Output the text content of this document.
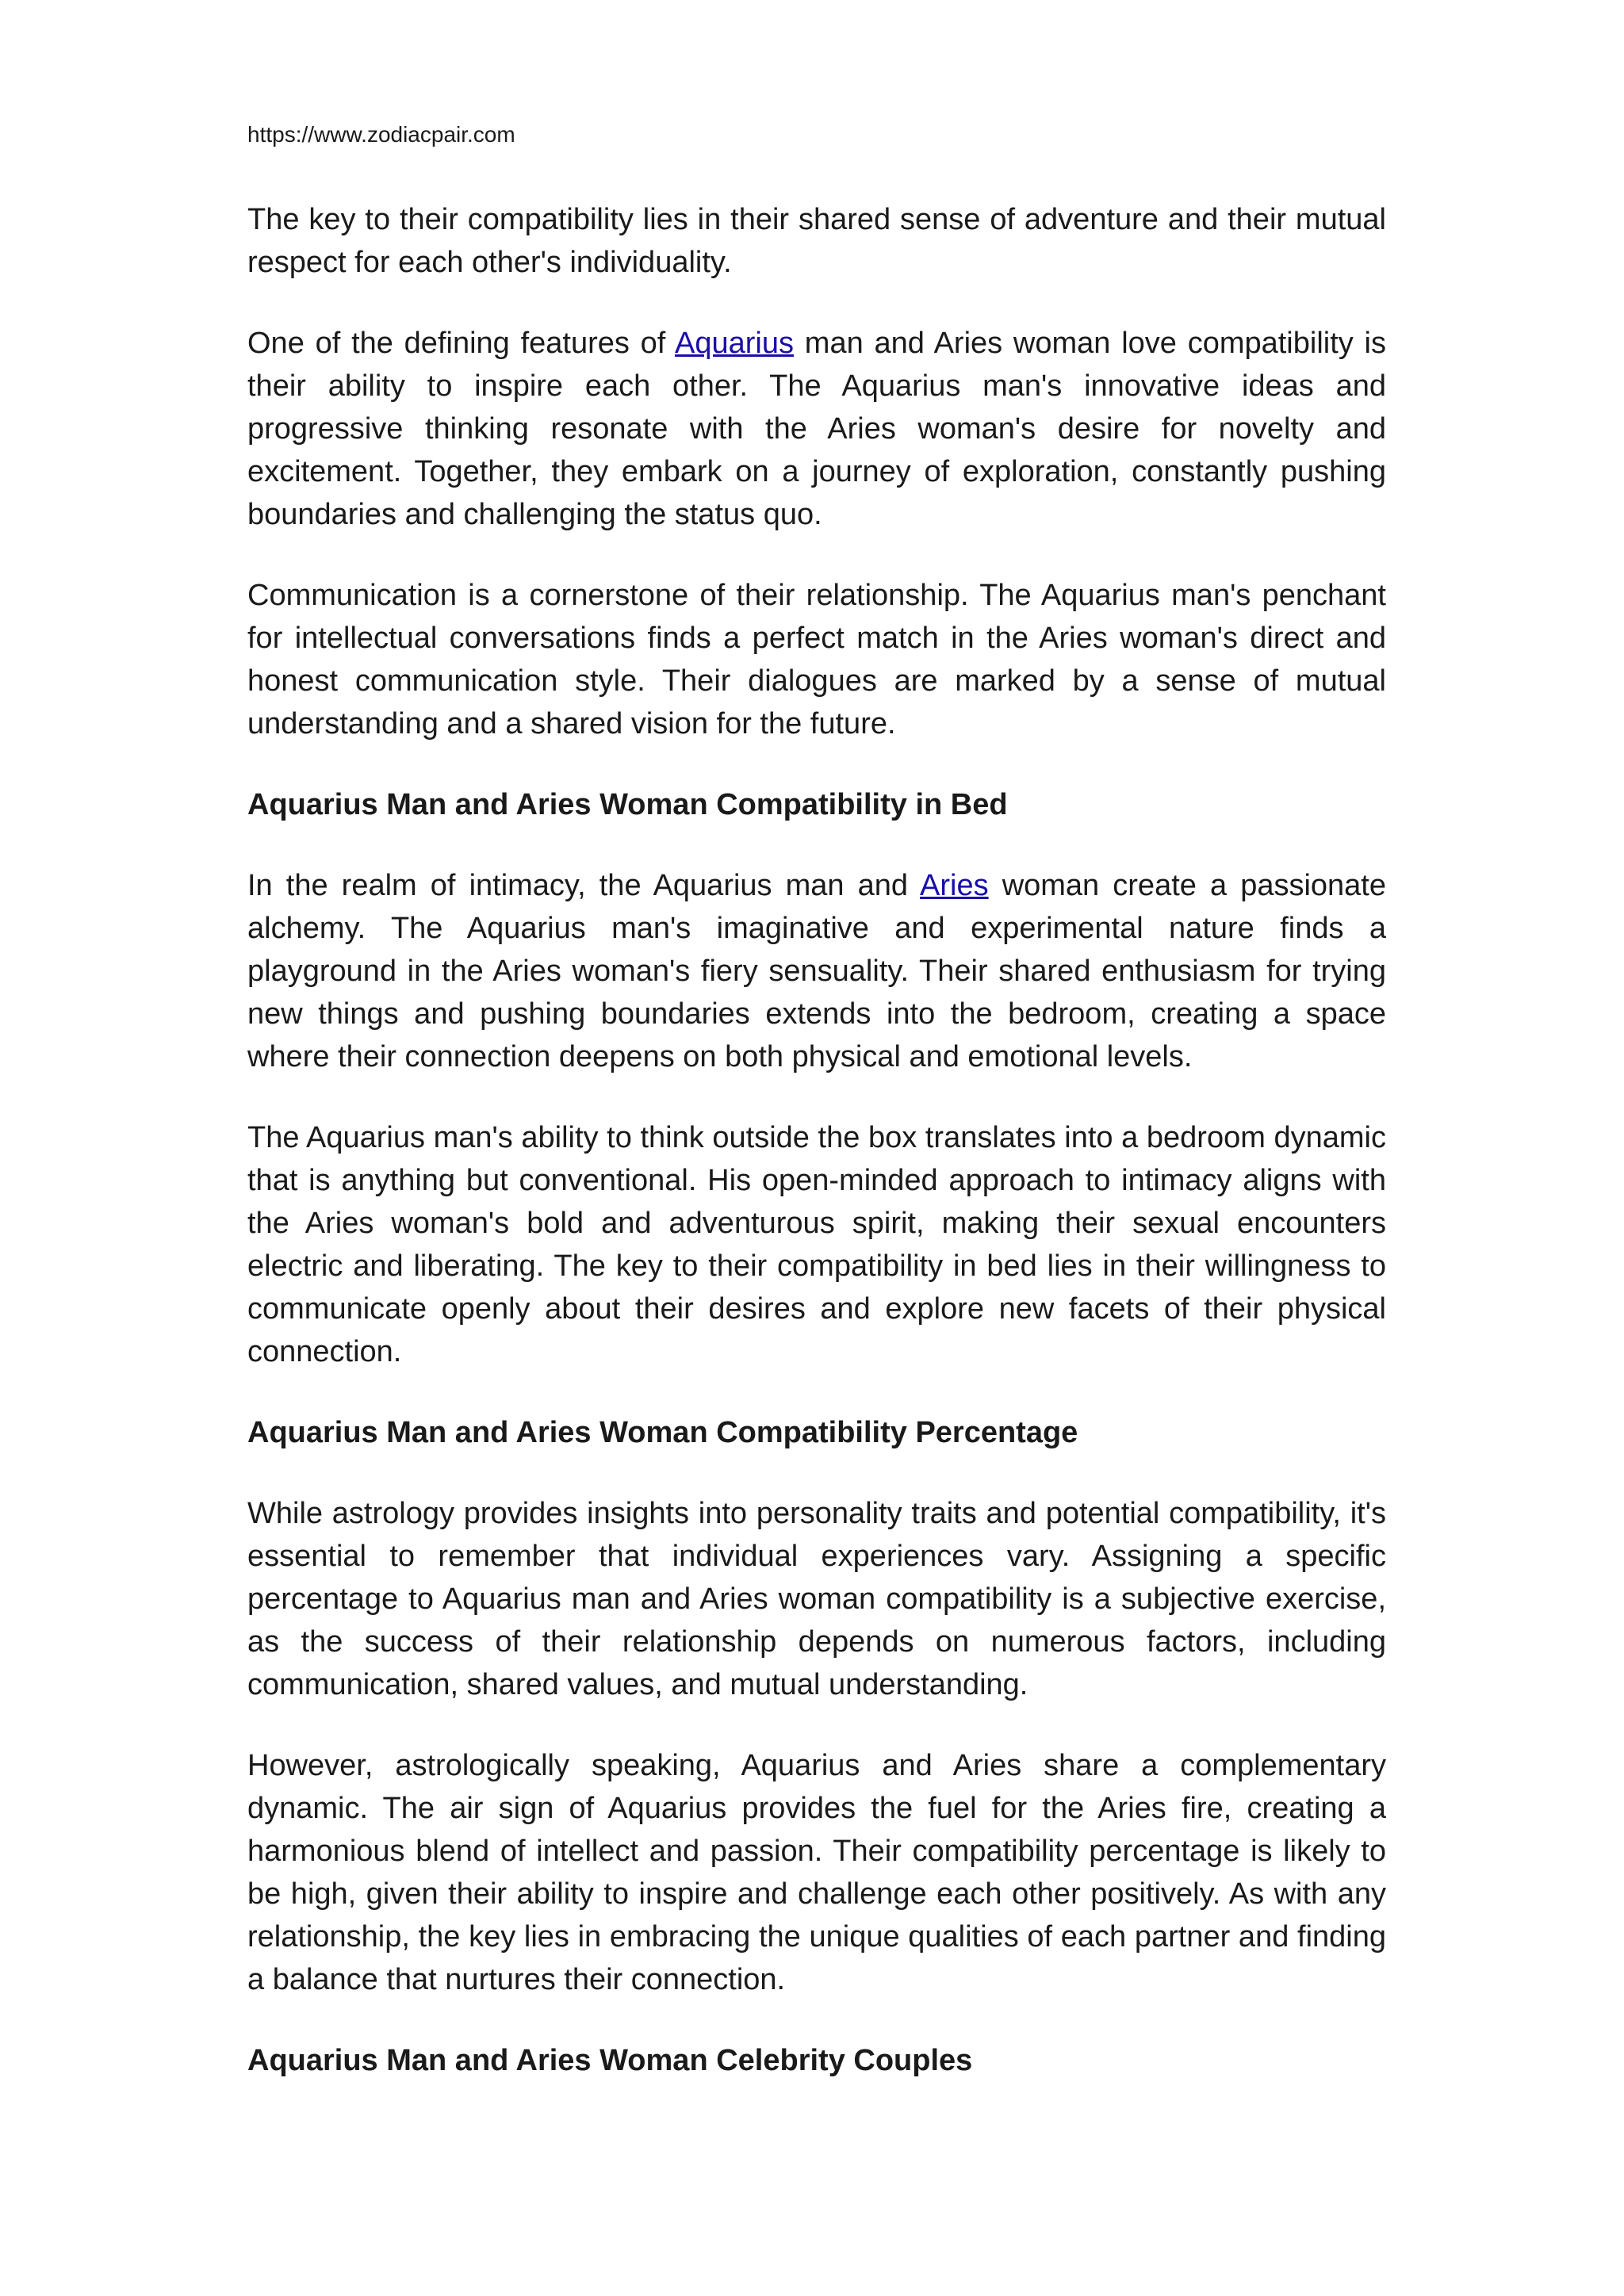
https://www.zodiacpair.com

The key to their compatibility lies in their shared sense of adventure and their mutual respect for each other's individuality.

One of the defining features of Aquarius man and Aries woman love compatibility is their ability to inspire each other. The Aquarius man's innovative ideas and progressive thinking resonate with the Aries woman's desire for novelty and excitement. Together, they embark on a journey of exploration, constantly pushing boundaries and challenging the status quo.

Communication is a cornerstone of their relationship. The Aquarius man's penchant for intellectual conversations finds a perfect match in the Aries woman's direct and honest communication style. Their dialogues are marked by a sense of mutual understanding and a shared vision for the future.

Aquarius Man and Aries Woman Compatibility in Bed

In the realm of intimacy, the Aquarius man and Aries woman create a passionate alchemy. The Aquarius man's imaginative and experimental nature finds a playground in the Aries woman's fiery sensuality. Their shared enthusiasm for trying new things and pushing boundaries extends into the bedroom, creating a space where their connection deepens on both physical and emotional levels.

The Aquarius man's ability to think outside the box translates into a bedroom dynamic that is anything but conventional. His open-minded approach to intimacy aligns with the Aries woman's bold and adventurous spirit, making their sexual encounters electric and liberating. The key to their compatibility in bed lies in their willingness to communicate openly about their desires and explore new facets of their physical connection.

Aquarius Man and Aries Woman Compatibility Percentage

While astrology provides insights into personality traits and potential compatibility, it's essential to remember that individual experiences vary. Assigning a specific percentage to Aquarius man and Aries woman compatibility is a subjective exercise, as the success of their relationship depends on numerous factors, including communication, shared values, and mutual understanding.

However, astrologically speaking, Aquarius and Aries share a complementary dynamic. The air sign of Aquarius provides the fuel for the Aries fire, creating a harmonious blend of intellect and passion. Their compatibility percentage is likely to be high, given their ability to inspire and challenge each other positively. As with any relationship, the key lies in embracing the unique qualities of each partner and finding a balance that nurtures their connection.

Aquarius Man and Aries Woman Celebrity Couples
